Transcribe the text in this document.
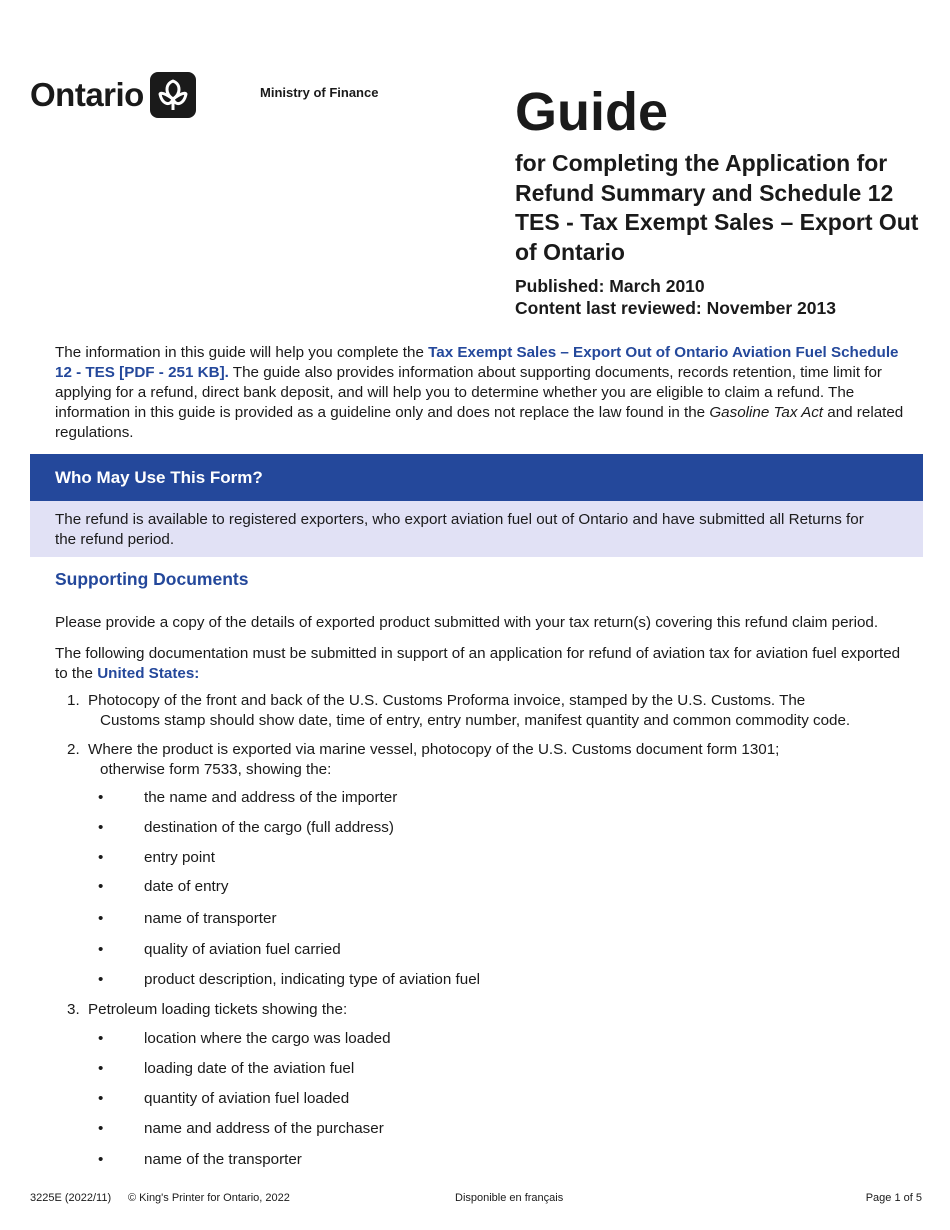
Ontario	Ministry of Finance	Guide
for Completing the Application for Refund Summary and Schedule 12 TES - Tax Exempt Sales – Export Out of Ontario
Published: March 2010
Content last reviewed: November 2013

The information in this guide will help you complete the Tax Exempt Sales – Export Out of Ontario Aviation Fuel Schedule 12 - TES [PDF - 251 KB]. The guide also provides information about supporting documents, records retention, time limit for applying for a refund, direct bank deposit, and will help you to determine whether you are eligible to claim a refund. The information in this guide is provided as a guideline only and does not replace the law found in the Gasoline Tax Act and related regulations.

Who May Use This Form?
The refund is available to registered exporters, who export aviation fuel out of Ontario and have submitted all Returns for the refund period.
Supporting Documents

Please provide a copy of the details of exported product submitted with your tax return(s) covering this refund claim period.

The following documentation must be submitted in support of an application for refund of aviation tax for aviation fuel exported to the United States:

1. Photocopy of the front and back of the U.S. Customs Proforma invoice, stamped by the U.S. Customs. The
Customs stamp should show date, time of entry, entry number, manifest quantity and common commodity code.
2. Where the product is exported via marine vessel, photocopy of the U.S. Customs document form 1301;
otherwise form 7533, showing the:
•	the name and address of the importer
•	destination of the cargo (full address)
•	entry point
•	date of entry
•	name of transporter
•	quality of aviation fuel carried
•	product description, indicating type of aviation fuel
3. Petroleum loading tickets showing the:
•	location where the cargo was loaded
•	loading date of the aviation fuel
•	quantity of aviation fuel loaded
•	name and address of the purchaser
•	name of the transporter
3225E (2022/11) © King's Printer for Ontario, 2022	Disponible en français	Page 1 of 5
